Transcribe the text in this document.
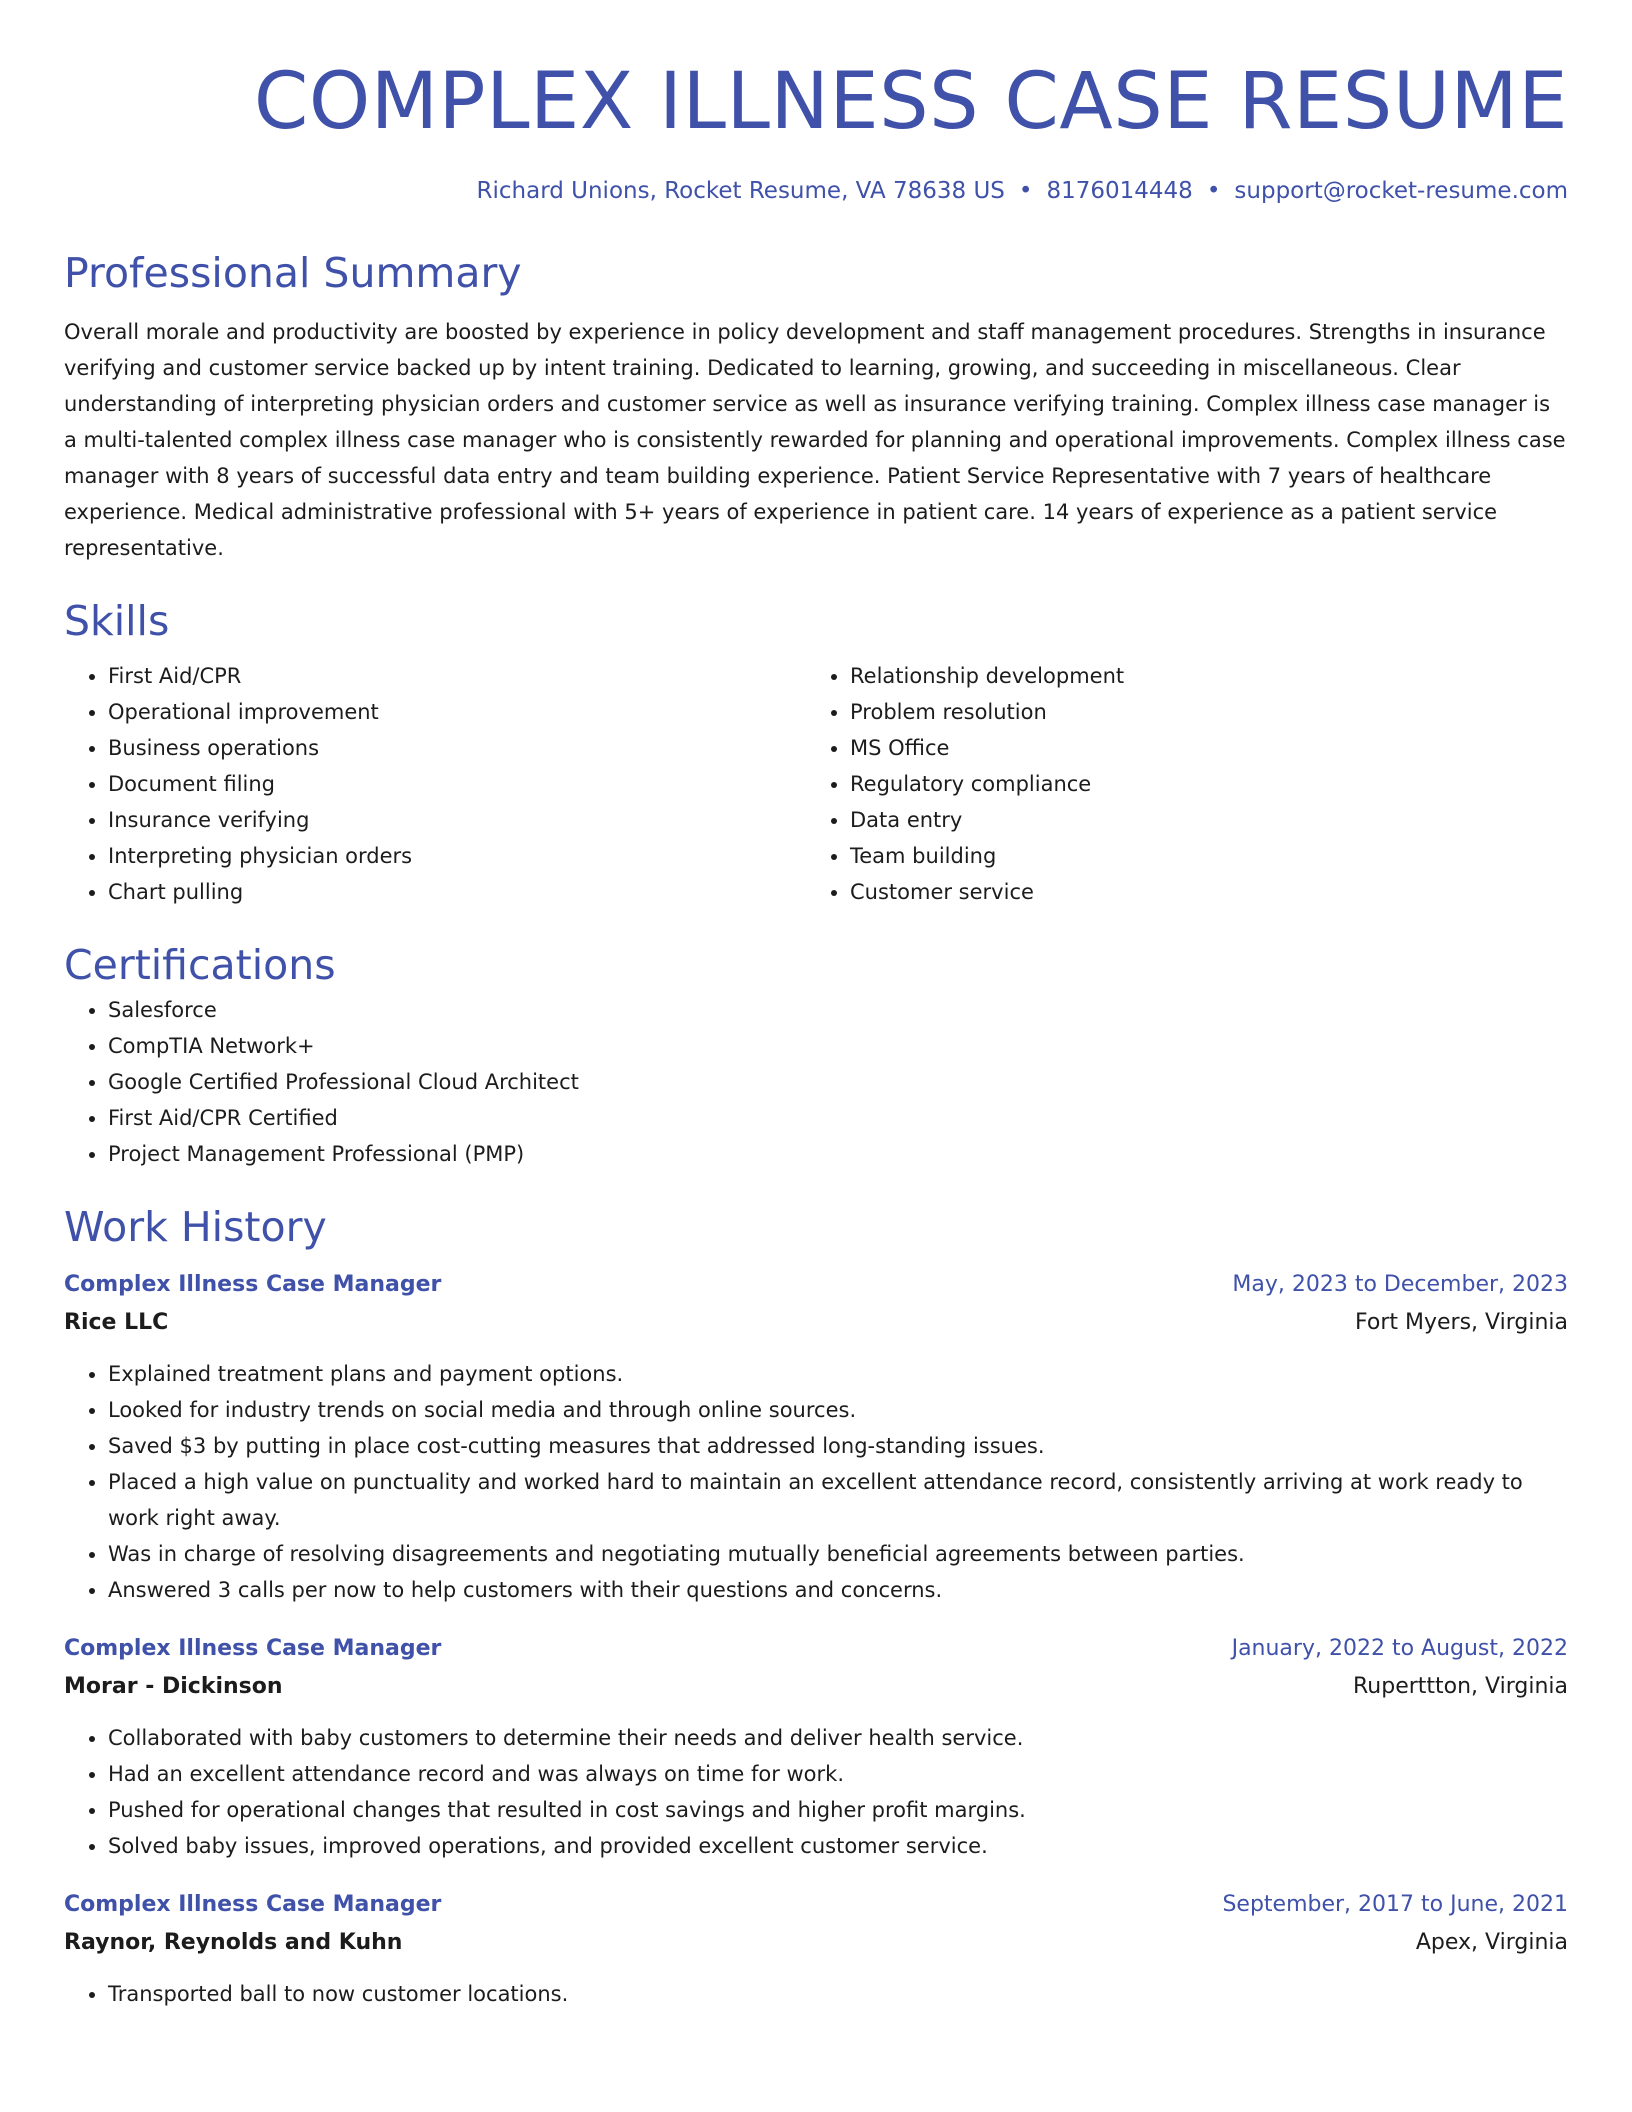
COMPLEX ILLNESS CASE RESUME
Richard Unions, Rocket Resume, VA 78638 US • 8176014448 • support@rocket-resume.com
Professional Summary

Overall morale and productivity are boosted by experience in policy development and staff management procedures. Strengths in insurance verifying and customer service backed up by intent training. Dedicated to learning, growing, and succeeding in miscellaneous. Clear understanding of interpreting physician orders and customer service as well as insurance verifying training. Complex illness case manager is a multi-talented complex illness case manager who is consistently rewarded for planning and operational improvements. Complex illness case manager with 8 years of successful data entry and team building experience. Patient Service Representative with 7 years of healthcare experience. Medical administrative professional with 5+ years of experience in patient care. 14 years of experience as a patient service representative.

Skills
• First Aid/CPR
• Operational improvement
• Business operations
• Document filing
• Insurance verifying
• Interpreting physician orders
• Chart pulling
• Relationship development
• Problem resolution
• MS Office
• Regulatory compliance
• Data entry
• Team building
• Customer service
Certifications
• Salesforce
• CompTIA Network+
• Google Certified Professional Cloud Architect
• First Aid/CPR Certified
• Project Management Professional (PMP)
Work History
Complex Illness Case Manager	May, 2023 to December, 2023
Rice LLC	Fort Myers, Virginia
• Explained treatment plans and payment options.
• Looked for industry trends on social media and through online sources.
• Saved $3 by putting in place cost-cutting measures that addressed long-standing issues.
• Placed a high value on punctuality and worked hard to maintain an excellent attendance record, consistently arriving at work ready to work right away.
• Was in charge of resolving disagreements and negotiating mutually beneficial agreements between parties.
• Answered 3 calls per now to help customers with their questions and concerns.
Complex Illness Case Manager	January, 2022 to August, 2022
Morar - Dickinson	Ruperttton, Virginia
• Collaborated with baby customers to determine their needs and deliver health service.
• Had an excellent attendance record and was always on time for work.
• Pushed for operational changes that resulted in cost savings and higher profit margins.
• Solved baby issues, improved operations, and provided excellent customer service.
Complex Illness Case Manager	September, 2017 to June, 2021
Raynor, Reynolds and Kuhn	Apex, Virginia
• Transported ball to now customer locations.
